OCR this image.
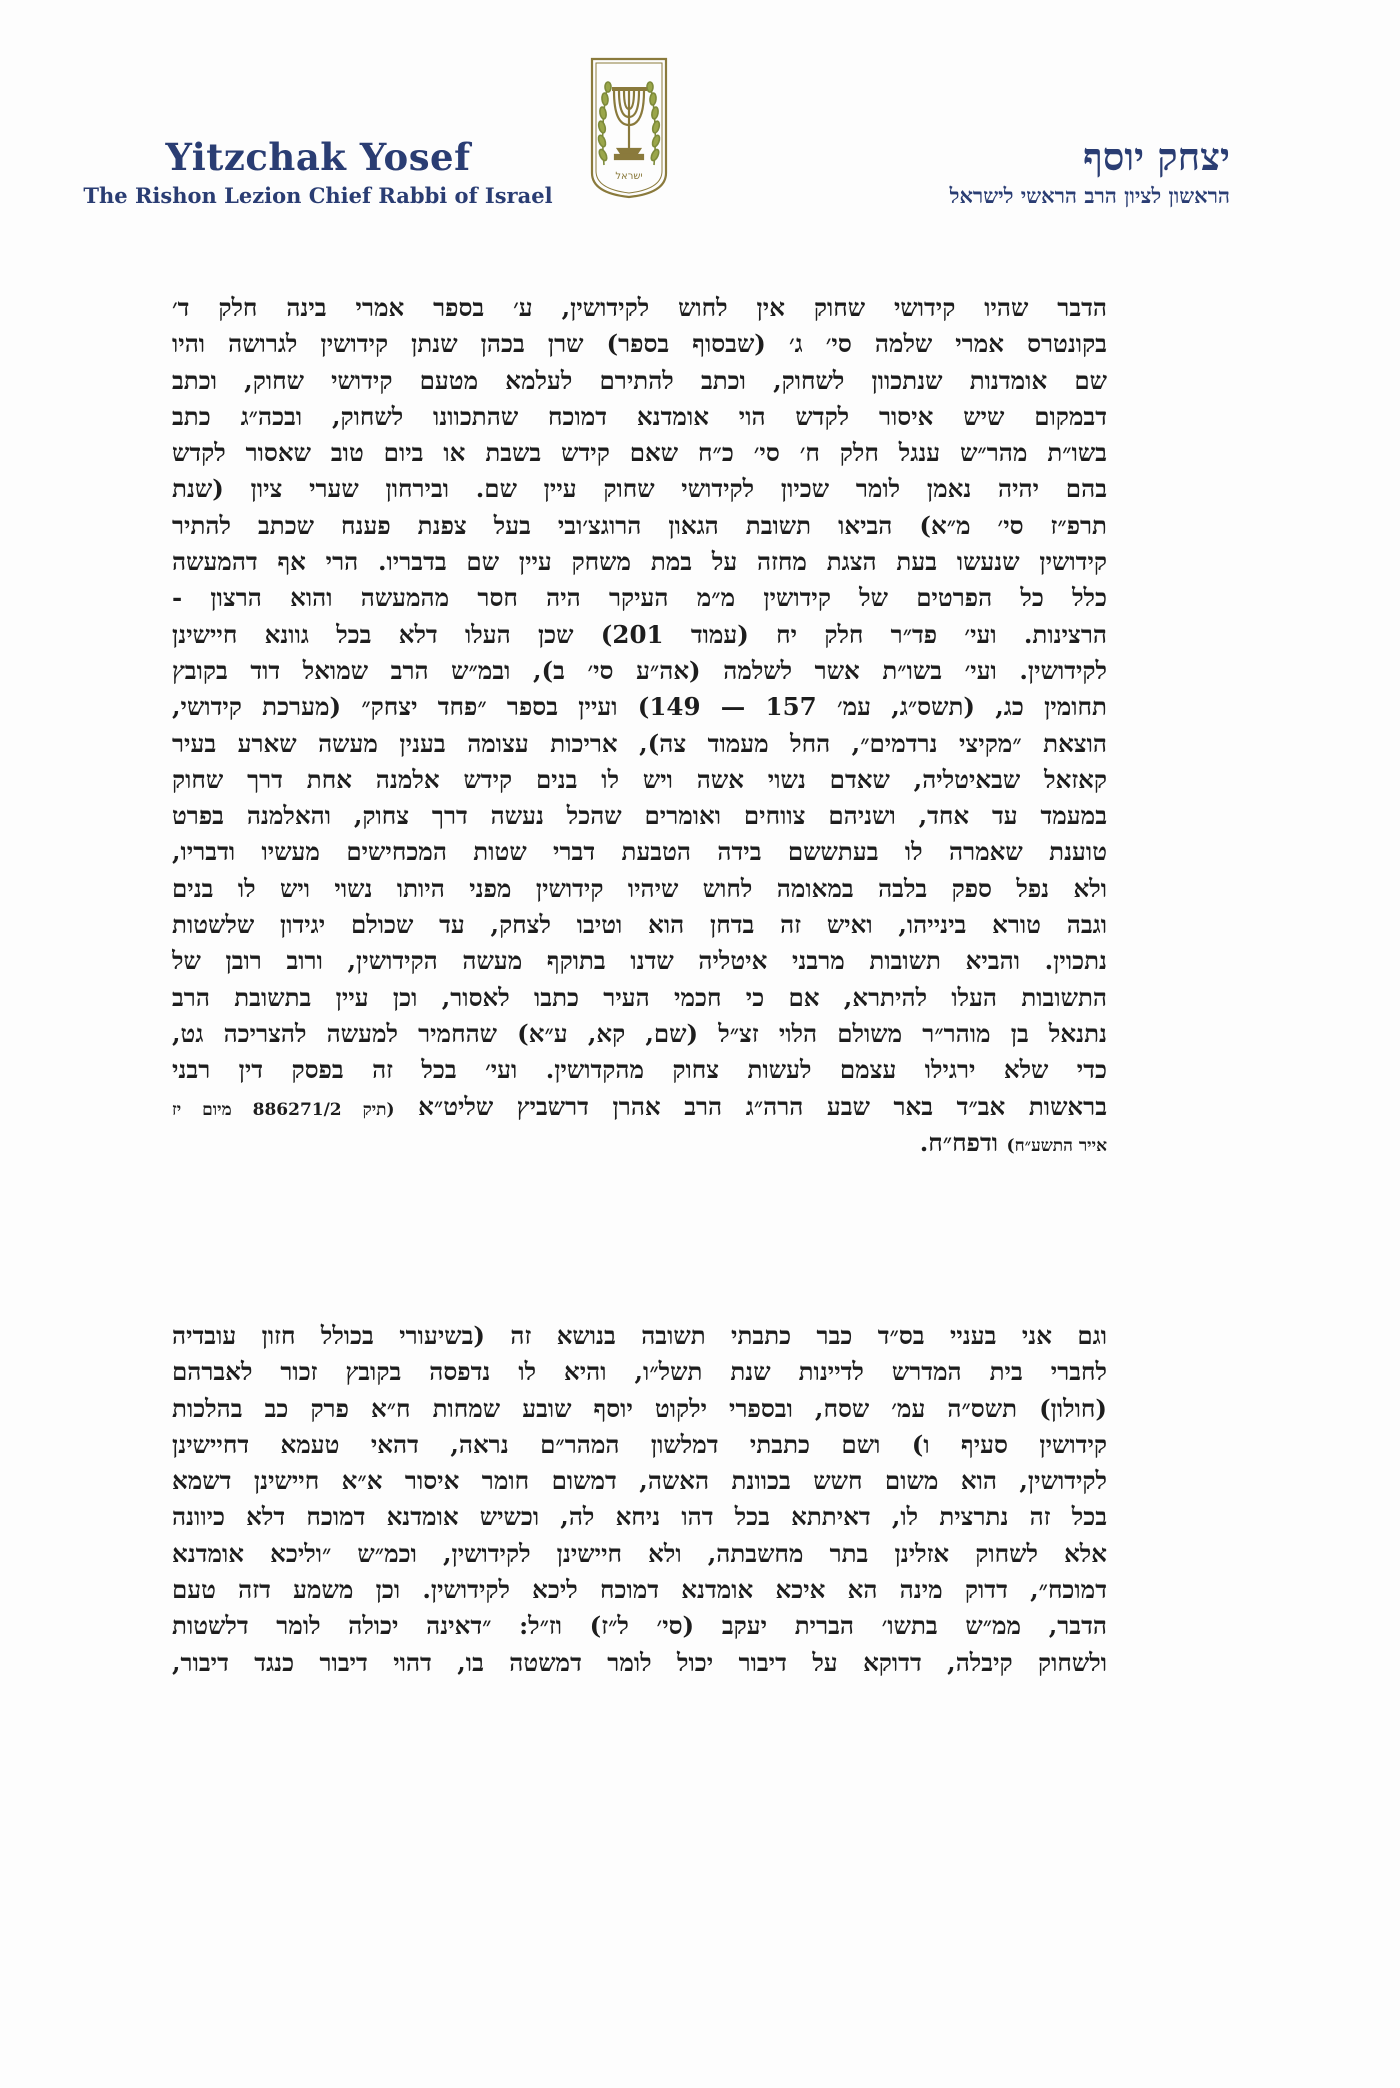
Yitzchak Yosef
The Rishon Lezion Chief Rabbi of Israel
ישראל	יצחק יוסף
הראשון לציון הרב הראשי לישראל
הדבר שהיו קידושי שחוק אין לחוש לקידושין, ע׳ בספר אמרי בינה חלק ד׳
בקונטרס אמרי שלמה סי׳ ג׳ (שבסוף בספר) שרן בכהן שנתן קידושין לגרושה והיו
שם אומדנות שנתכוון לשחוק, וכתב להתירם לעלמא מטעם קידושי שחוק, וכתב
דבמקום שיש איסור לקדש הוי אומדנא דמוכח שהתכוונו לשחוק, ובכה״ג כתב
בשו״ת מהר״ש ענגל חלק ח׳ סי׳ כ״ח שאם קידש בשבת או ביום טוב שאסור לקדש
בהם יהיה נאמן לומר שכיון לקידושי שחוק עיין שם. ובירחון שערי ציון (שנת
תרפ״ז סי׳ מ״א) הביאו תשובת הגאון הרוגצ׳ובי בעל צפנת פענח שכתב להתיר
קידושין שנעשו בעת הצגת מחזה על במת משחק עיין שם בדבריו. הרי אף דהמעשה
כלל כל הפרטים של קידושין מ״מ העיקר היה חסר מהמעשה והוא הרצון -
הרצינות. ועי׳ פד״ר חלק יח (עמוד 201) שכן העלו דלא בכל גוונא חיישינן
לקידושין. ועי׳ בשו״ת אשר לשלמה (אה״ע סי׳ ב), ובמ״ש הרב שמואל דוד בקובץ
תחומין כג, (תשס״ג, עמ׳ 157 — 149) ועיין בספר ״פחד יצחק״ (מערכת קידושי,
הוצאת ״מקיצי נרדמים״, החל מעמוד צה), אריכות עצומה בענין מעשה שארע בעיר
קאזאל שבאיטליה, שאדם נשוי אשה ויש לו בנים קידש אלמנה אחת דרך שחוק
במעמד עד אחד, ושניהם צווחים ואומרים שהכל נעשה דרך צחוק, והאלמנה בפרט
טוענת שאמרה לו בעתששם בידה הטבעת דברי שטות המכחישים מעשיו ודבריו,
ולא נפל ספק בלבה במאומה לחוש שיהיו קידושין מפני היותו נשוי ויש לו בנים
וגבה טורא בינייהו, ואיש זה בדחן הוא וטיבו לצחק, עד שכולם יגידון שלשטות
נתכוין. והביא תשובות מרבני איטליה שדנו בתוקף מעשה הקידושין, ורוב רובן של
התשובות העלו להיתרא, אם כי חכמי העיר כתבו לאסור, וכן עיין בתשובת הרב
נתנאל בן מוהר״ר משולם הלוי זצ״ל (שם, קא, ע״א) שהחמיר למעשה להצריכה גט,
כדי שלא ירגילו עצמם לעשות צחוק מהקדושין. ועי׳ בכל זה בפסק דין רבני
בראשות אב״ד באר שבע הרה״ג הרב אהרן דרשביץ שליט״א (תיק 886271/2 מיום יז
אייר התשע״ח) ודפח״ח.
וגם אני בעניי בס״ד כבר כתבתי תשובה בנושא זה (בשיעורי בכולל חזון עובדיה
לחברי בית המדרש לדיינות שנת תשל״ו, והיא לו נדפסה בקובץ זכור לאברהם
(חולון) תשס״ה עמ׳ שסח, ובספרי ילקוט יוסף שובע שמחות ח״א פרק כב בהלכות
קידושין סעיף ו) ושם כתבתי דמלשון המהר״ם נראה, דהאי טעמא דחיישינן
לקידושין, הוא משום חשש בכוונת האשה, דמשום חומר איסור א״א חיישינן דשמא
בכל זה נתרצית לו, דאיתתא בכל דהו ניחא לה, וכשיש אומדנא דמוכח דלא כיוונה
אלא לשחוק אזלינן בתר מחשבתה, ולא חיישינן לקידושין, וכמ״ש ״וליכא אומדנא
דמוכח״, דדוק מינה הא איכא אומדנא דמוכח ליכא לקידושין. וכן משמע דזה טעם
הדבר, ממ״ש בתשו׳ הברית יעקב (סי׳ ל״ז) וז״ל: ״דאינה יכולה לומר דלשטות
ולשחוק קיבלה, דדוקא על דיבור יכול לומר דמשטה בו, דהוי דיבור כנגד דיבור,
